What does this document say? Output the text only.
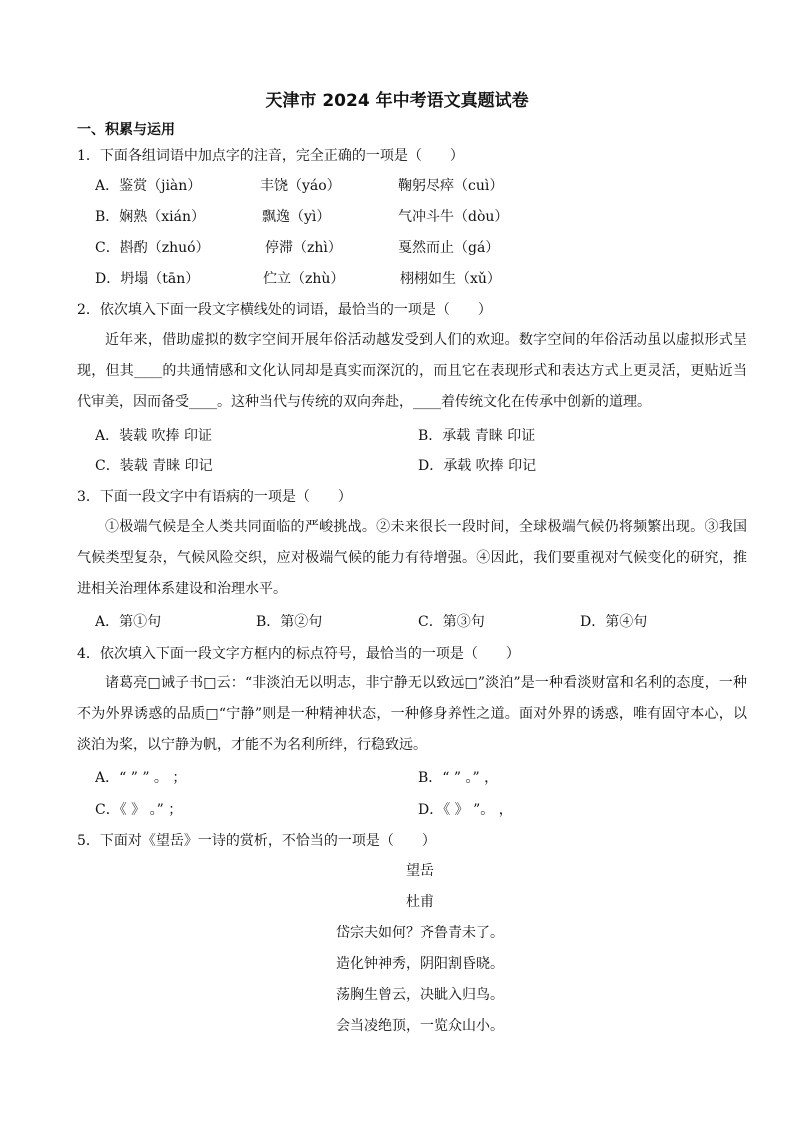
天津市 2024 年中考语文真题试卷
一、积累与运用
1．下面各组词语中加点字的注音，完全正确的一项是（　　）
A．鉴赏（jiàn）	丰饶（yáo）	鞠躬尽瘁（cuì）
B．娴熟（xián）	飘逸（yì）	气冲斗牛（dòu）
C．斟酌（zhuó）	停滞（zhì）	戛然而止（gá）
D．坍塌（tān）	伫立（zhù）	栩栩如生（xǔ）
2．依次填入下面一段文字横线处的词语，最恰当的一项是（　　）
近年来，借助虚拟的数字空间开展年俗活动越发受到人们的欢迎。数字空间的年俗活动虽以虚拟形式呈现，但其____的共通情感和文化认同却是真实而深沉的，而且它在表现形式和表达方式上更灵活，更贴近当代审美，因而备受____。这种当代与传统的双向奔赴，____着传统文化在传承中创新的道理。
A．装载 吹捧 印证	B．承载 青睐 印证
C．装载 青睐 印记	D．承载 吹捧 印记
3．下面一段文字中有语病的一项是（　　）
①极端气候是全人类共同面临的严峻挑战。②未来很长一段时间，全球极端气候仍将频繁出现。③我国气候类型复杂，气候风险交织，应对极端气候的能力有待增强。④因此，我们要重视对气候变化的研究，推进相关治理体系建设和治理水平。
A．第①句	B．第②句	C．第③句	D．第④句
4．依次填入下面一段文字方框内的标点符号，最恰当的一项是（　　）
诸葛亮□诫子书□云：“非淡泊无以明志，非宁静无以致远□”淡泊”是一种看淡财富和名利的态度，一种不为外界诱惑的品质□“宁静”则是一种精神状态，一种修身养性之道。面对外界的诱惑，唯有固守本心，以淡泊为桨，以宁静为帆，才能不为名利所绊，行稳致远。
A．“ ” ” 。 ；	B．“ ” 。” ，
C．《 》 。” ；	D．《 》 ”。 ，
5．下面对《望岳》一诗的赏析，不恰当的一项是（　　）
望岳
杜甫
岱宗夫如何？齐鲁青未了。
造化钟神秀，阴阳割昏晓。
荡胸生曾云，决眦入归鸟。
会当凌绝顶，一览众山小。
